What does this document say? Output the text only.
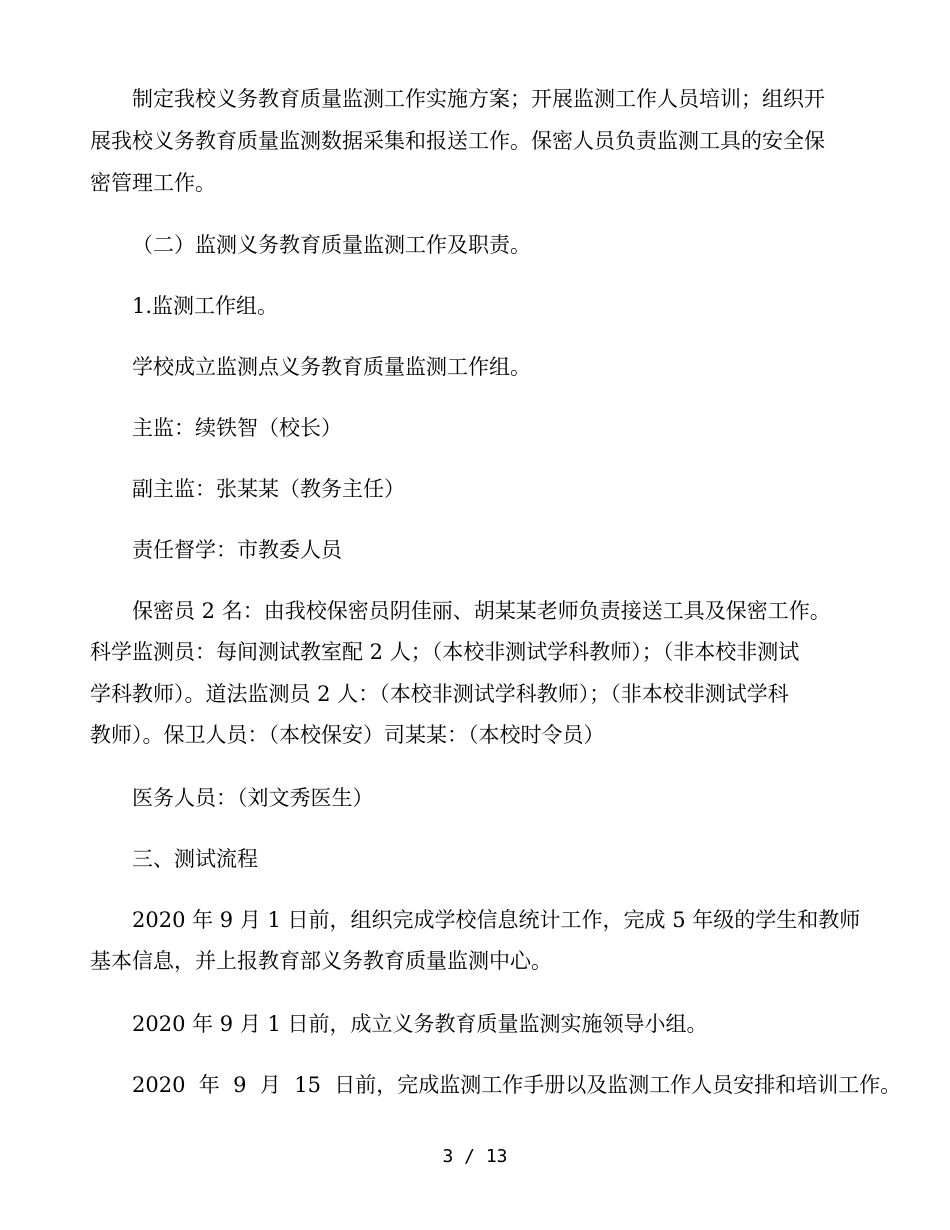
制定我校义务教育质量监测工作实施方案；开展监测工作人员培训；组织开

展我校义务教育质量监测数据采集和报送工作。保密人员负责监测工具的安全保

密管理工作。

（二）监测义务教育质量监测工作及职责。

1.监测工作组。

学校成立监测点义务教育质量监测工作组。

主监：续铁智（校长）

副主监：张某某（教务主任）

责任督学：市教委人员

保密员 2 名：由我校保密员阴佳丽、胡某某老师负责接送工具及保密工作。

科学监测员：每间测试教室配 2 人；（本校非测试学科教师）；（非本校非测试

学科教师）。道法监测员 2 人：（本校非测试学科教师）；（非本校非测试学科

教师）。保卫人员：（本校保安）司某某：（本校时令员）

医务人员：（刘文秀医生）

三、测试流程

2020 年 9 月 1 日前，组织完成学校信息统计工作，完成 5 年级的学生和教师

基本信息，并上报教育部义务教育质量监测中心。

2020 年 9 月 1 日前，成立义务教育质量监测实施领导小组。

2020  年  9  月  15  日前，完成监测工作手册以及监测工作人员安排和培训工作。

3 / 13
